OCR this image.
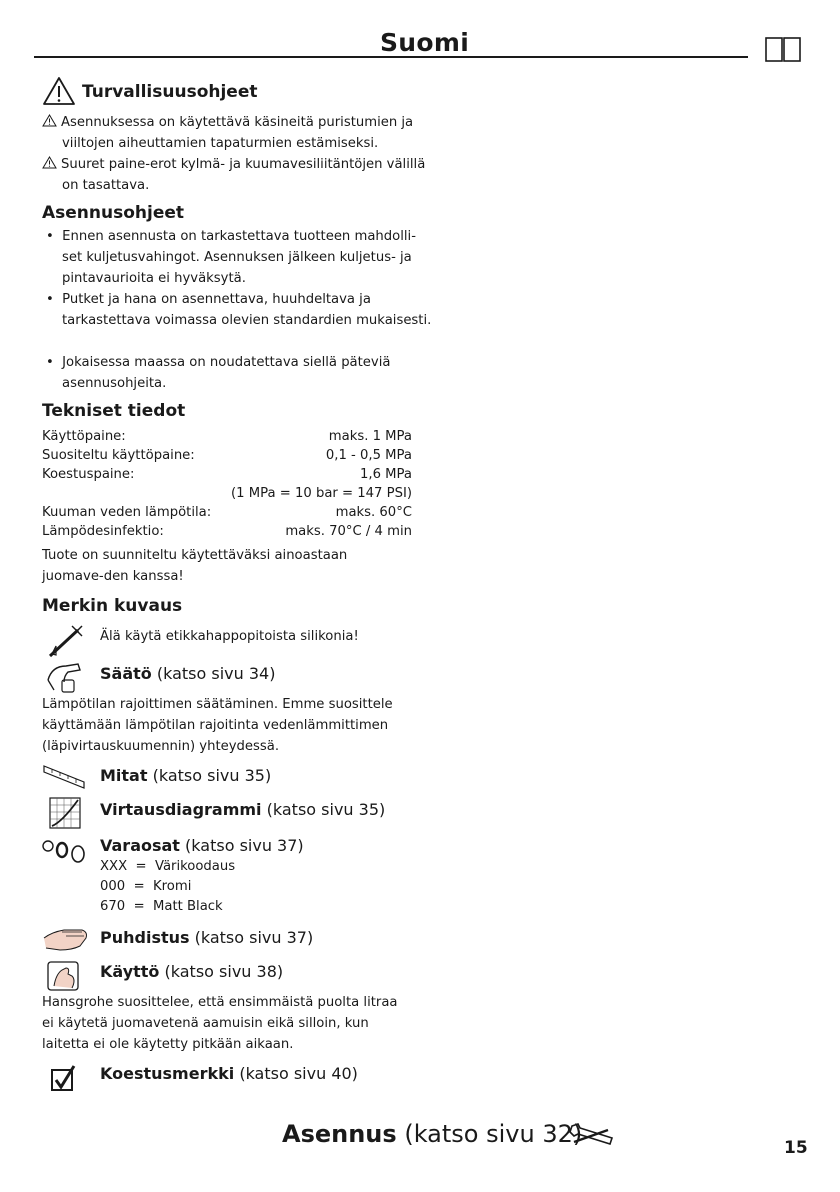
Suomi
Turvallisuusohjeet
Asennuksessa on käytettävä käsineitä puristumien ja viiltojen aiheuttamien tapaturmien estämiseksi.
Suuret paine-erot kylmä- ja kuumavesiliitäntöjen välillä on tasattava.
Asennusohjeet
•  Ennen asennusta on tarkastettava tuotteen mahdolli-set kuljetusvahingot. Asennuksen jälkeen kuljetus- ja pintavaurioita ei hyväksytä.
•  Putket ja hana on asennettava, huuhdeltava ja tarkastettava voimassa olevien standardien mukaisesti.
•  Jokaisessa maassa on noudatettava siellä päteviä asennusohjeita.
Tekniset tiedot
Käyttöpaine:	maks. 1 MPa
Suositeltu käyttöpaine:	0,1 - 0,5 MPa
Koestuspaine:	1,6 MPa
(1 MPa = 10 bar = 147 PSI)
Kuuman veden lämpötila:	maks. 60°C
Lämpödesinfektio:	maks. 70°C / 4 min
Tuote on suunniteltu käytettäväksi ainoastaan juomave-den kanssa!
Merkin kuvaus
Älä käytä etikkahappopitoista silikonia!
Säätö (katso sivu 34)
Lämpötilan rajoittimen säätäminen. Emme suosittele käyttämään lämpötilan rajoitinta vedenlämmittimen (läpivirtauskuumennin) yhteydessä.
Mitat (katso sivu 35)
Virtausdiagrammi (katso sivu 35)
Varaosat (katso sivu 37)
XXX = Värikoodaus
000 = Kromi
670 = Matt Black
Puhdistus (katso sivu 37)
Käyttö (katso sivu 38)
Hansgrohe suosittelee, että ensimmäistä puolta litraa ei käytetä juomavetenä aamuisin eikä silloin, kun laitetta ei ole käytetty pitkään aikaan.
Koestusmerkki (katso sivu 40)
Asennus (katso sivu 32)	15
